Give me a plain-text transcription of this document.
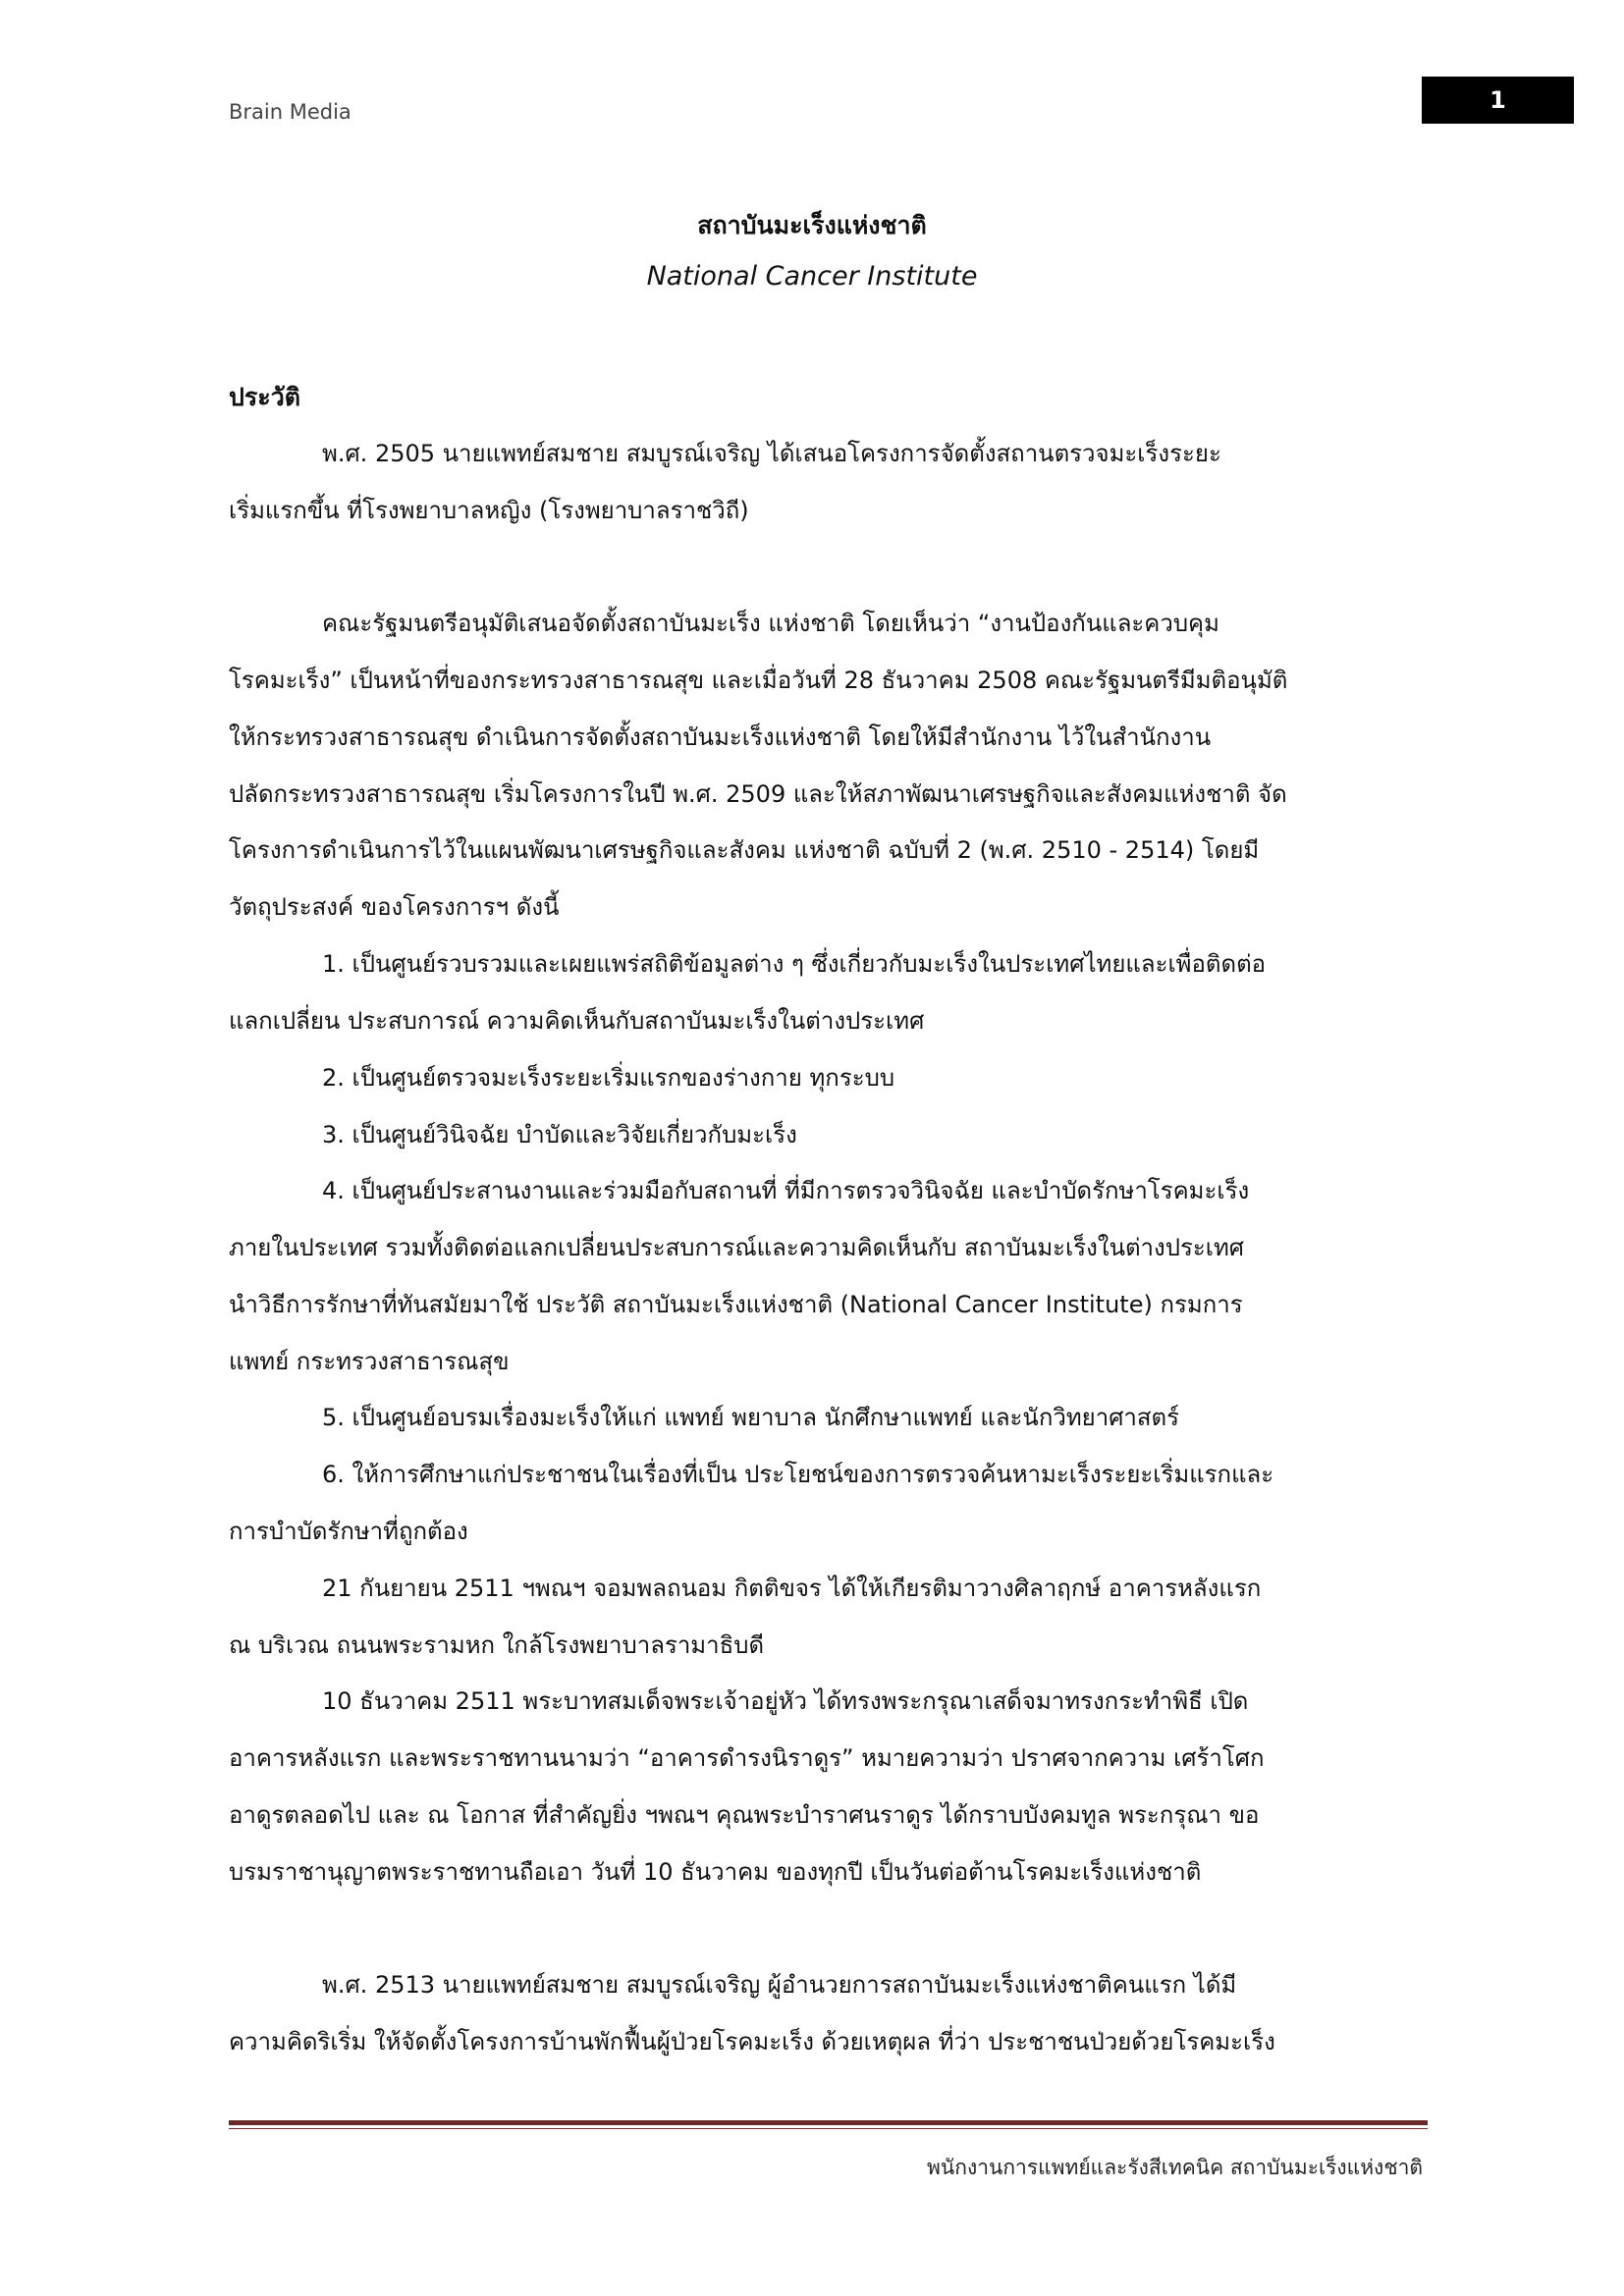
Brain Media	1
สถาบันมะเร็งแห่งชาติ
National Cancer Institute
ประวัติ
พ.ศ. 2505 นายแพทย์สมชาย สมบูรณ์เจริญ ได้เสนอโครงการจัดตั้งสถานตรวจมะเร็งระยะ
เริ่มแรกขึ้น ที่โรงพยาบาลหญิง (โรงพยาบาลราชวิถี)
คณะรัฐมนตรีอนุมัติเสนอจัดตั้งสถาบันมะเร็ง แห่งชาติ โดยเห็นว่า “งานป้องกันและควบคุม
โรคมะเร็ง” เป็นหน้าที่ของกระทรวงสาธารณสุข และเมื่อวันที่ 28 ธันวาคม 2508 คณะรัฐมนตรีมีมติอนุมัติ
ให้กระทรวงสาธารณสุข ดำเนินการจัดตั้งสถาบันมะเร็งแห่งชาติ โดยให้มีสำนักงาน ไว้ในสำนักงาน
ปลัดกระทรวงสาธารณสุข เริ่มโครงการในปี พ.ศ. 2509 และให้สภาพัฒนาเศรษฐกิจและสังคมแห่งชาติ จัด
โครงการดำเนินการไว้ในแผนพัฒนาเศรษฐกิจและสังคม แห่งชาติ ฉบับที่ 2 (พ.ศ. 2510 - 2514) โดยมี
วัตถุประสงค์ ของโครงการฯ ดังนี้
1. เป็นศูนย์รวบรวมและเผยแพร่สถิติข้อมูลต่าง ๆ ซึ่งเกี่ยวกับมะเร็งในประเทศไทยและเพื่อติดต่อ
แลกเปลี่ยน ประสบการณ์ ความคิดเห็นกับสถาบันมะเร็งในต่างประเทศ
2. เป็นศูนย์ตรวจมะเร็งระยะเริ่มแรกของร่างกาย ทุกระบบ
3. เป็นศูนย์วินิจฉัย บำบัดและวิจัยเกี่ยวกับมะเร็ง
4. เป็นศูนย์ประสานงานและร่วมมือกับสถานที่ ที่มีการตรวจวินิจฉัย และบำบัดรักษาโรคมะเร็ง
ภายในประเทศ รวมทั้งติดต่อแลกเปลี่ยนประสบการณ์และความคิดเห็นกับ สถาบันมะเร็งในต่างประเทศ
นำวิธีการรักษาที่ทันสมัยมาใช้ ประวัติ สถาบันมะเร็งแห่งชาติ (National Cancer Institute) กรมการ
แพทย์ กระทรวงสาธารณสุข
5. เป็นศูนย์อบรมเรื่องมะเร็งให้แก่ แพทย์ พยาบาล นักศึกษาแพทย์ และนักวิทยาศาสตร์
6. ให้การศึกษาแก่ประชาชนในเรื่องที่เป็น ประโยชน์ของการตรวจค้นหามะเร็งระยะเริ่มแรกและ
การบำบัดรักษาที่ถูกต้อง
21 กันยายน 2511 ฯพณฯ จอมพลถนอม กิตติขจร ได้ให้เกียรติมาวางศิลาฤกษ์ อาคารหลังแรก
ณ บริเวณ ถนนพระรามหก ใกล้โรงพยาบาลรามาธิบดี
10 ธันวาคม 2511 พระบาทสมเด็จพระเจ้าอยู่หัว ได้ทรงพระกรุณาเสด็จมาทรงกระทำพิธี เปิด
อาคารหลังแรก และพระราชทานนามว่า “อาคารดำรงนิราดูร” หมายความว่า ปราศจากความ เศร้าโศก
อาดูรตลอดไป และ ณ โอกาส ที่สำคัญยิ่ง ฯพณฯ คุณพระบำราศนราดูร ได้กราบบังคมทูล พระกรุณา ขอ
บรมราชานุญาตพระราชทานถือเอา วันที่ 10 ธันวาคม ของทุกปี เป็นวันต่อต้านโรคมะเร็งแห่งชาติ
พ.ศ. 2513 นายแพทย์สมชาย สมบูรณ์เจริญ ผู้อำนวยการสถาบันมะเร็งแห่งชาติคนแรก ได้มี
ความคิดริเริ่ม ให้จัดตั้งโครงการบ้านพักฟื้นผู้ป่วยโรคมะเร็ง ด้วยเหตุผล ที่ว่า ประชาชนป่วยด้วยโรคมะเร็ง
พนักงานการแพทย์และรังสีเทคนิค สถาบันมะเร็งแห่งชาติ
